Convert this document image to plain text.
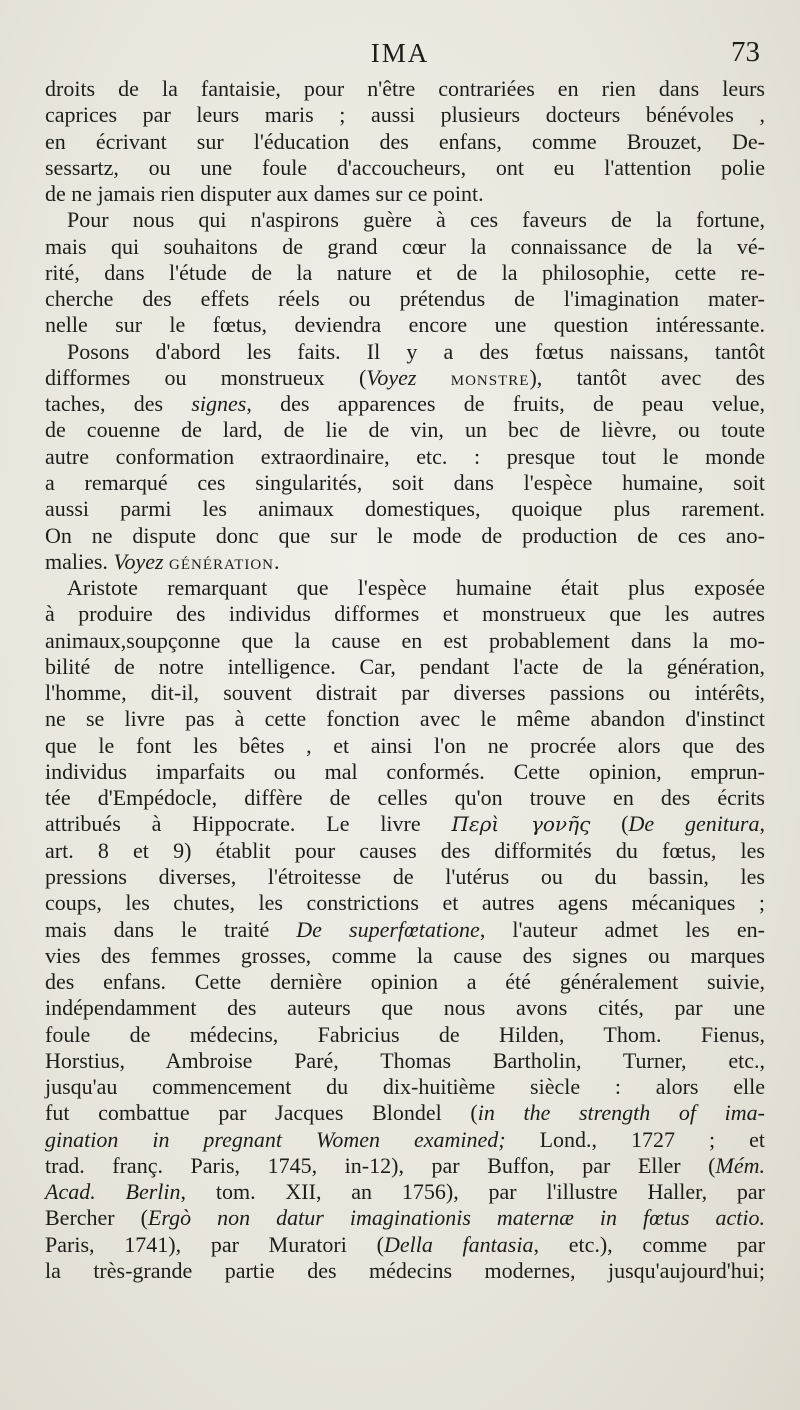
IMA	73
droits de la fantaisie, pour n'être contrariées en rien dans leurs
caprices par leurs maris ; aussi plusieurs docteurs bénévoles ,
en écrivant sur l'éducation des enfans, comme Brouzet, De-
sessartz, ou une foule d'accoucheurs, ont eu l'attention polie
de ne jamais rien disputer aux dames sur ce point.
Pour nous qui n'aspirons guère à ces faveurs de la fortune,
mais qui souhaitons de grand cœur la connaissance de la vé-
rité, dans l'étude de la nature et de la philosophie, cette re-
cherche des effets réels ou prétendus de l'imagination mater-
nelle sur le fœtus, deviendra encore une question intéressante.
Posons d'abord les faits. Il y a des fœtus naissans, tantôt
difformes ou monstrueux (Voyez MONSTRE), tantôt avec des
taches, des signes, des apparences de fruits, de peau velue,
de couenne de lard, de lie de vin, un bec de lièvre, ou toute
autre conformation extraordinaire, etc. : presque tout le monde
a remarqué ces singularités, soit dans l'espèce humaine, soit
aussi parmi les animaux domestiques, quoique plus rarement.
On ne dispute donc que sur le mode de production de ces ano-
malies. Voyez GÉNÉRATION.
Aristote remarquant que l'espèce humaine était plus exposée
à produire des individus difformes et monstrueux que les autres
animaux,soupçonne que la cause en est probablement dans la mo-
bilité de notre intelligence. Car, pendant l'acte de la génération,
l'homme, dit-il, souvent distrait par diverses passions ou intérêts,
ne se livre pas à cette fonction avec le même abandon d'instinct
que le font les bêtes , et ainsi l'on ne procrée alors que des
individus imparfaits ou mal conformés. Cette opinion, emprun-
tée d'Empédocle, diffère de celles qu'on trouve en des écrits
attribués à Hippocrate. Le livre Περὶ γονῆς (De genitura,
art. 8 et 9) établit pour causes des difformités du fœtus, les
pressions diverses, l'étroitesse de l'utérus ou du bassin, les
coups, les chutes, les constrictions et autres agens mécaniques ;
mais dans le traité De superfœtatione, l'auteur admet les en-
vies des femmes grosses, comme la cause des signes ou marques
des enfans. Cette dernière opinion a été généralement suivie,
indépendamment des auteurs que nous avons cités, par une
foule de médecins, Fabricius de Hilden, Thom. Fienus,
Horstius, Ambroise Paré, Thomas Bartholin, Turner, etc.,
jusqu'au commencement du dix-huitième siècle : alors elle
fut combattue par Jacques Blondel (in the strength of ima-
gination in pregnant Women examined; Lond., 1727 ; et
trad. franç. Paris, 1745, in-12), par Buffon, par Eller (Mém.
Acad. Berlin, tom. XII, an 1756), par l'illustre Haller, par
Bercher (Ergò non datur imaginationis maternæ in fœtus actio.
Paris, 1741), par Muratori (Della fantasia, etc.), comme par
la très-grande partie des médecins modernes, jusqu'aujourd'hui;
